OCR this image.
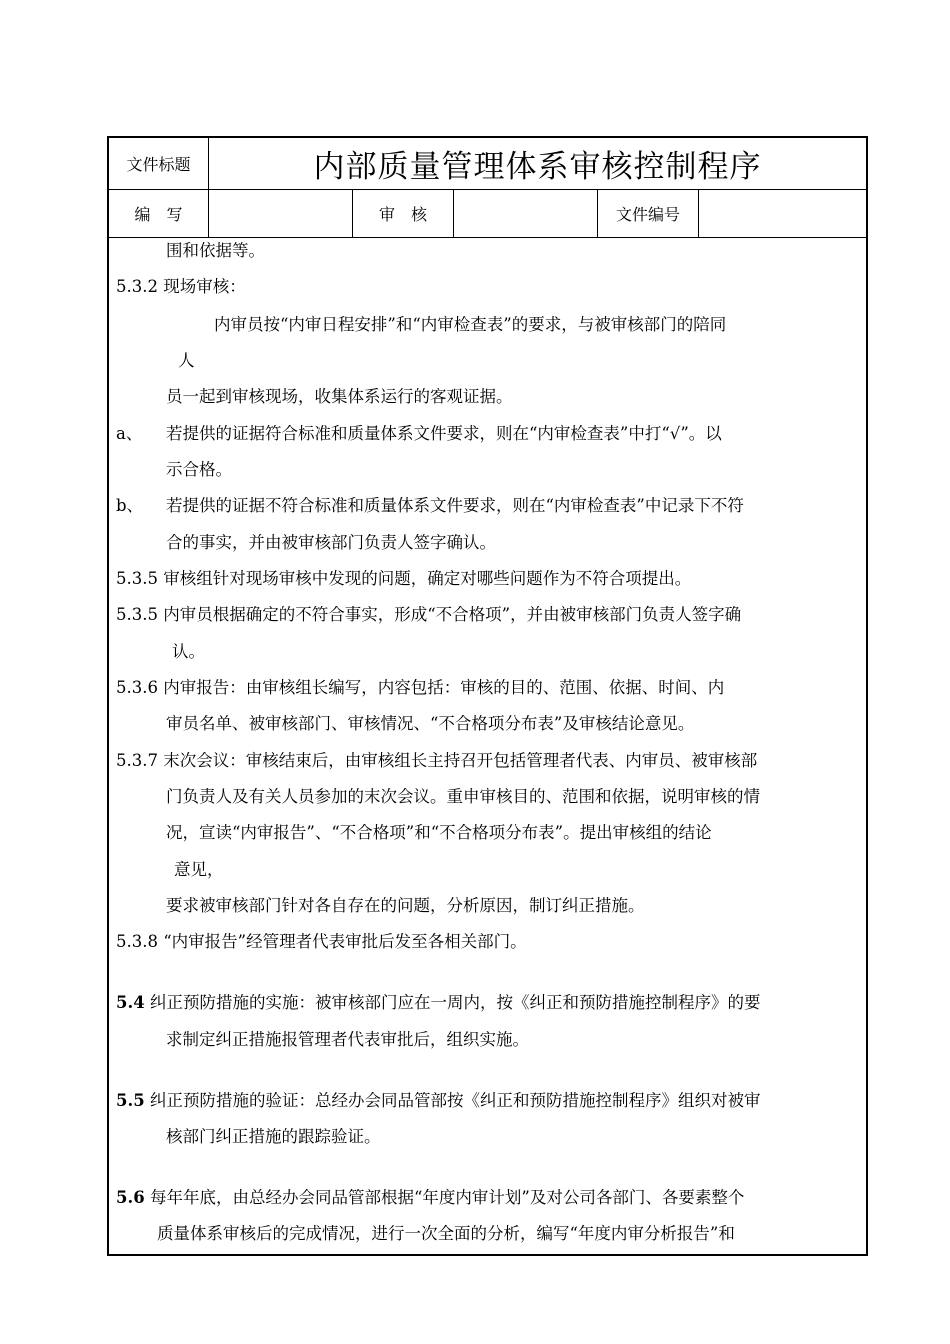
文件标题	内部质量管理体系审核控制程序
编　写	审　核	文件编号
围和依据等。
5.3.2 现场审核：
内审员按“内审日程安排”和“内审检查表”的要求，与被审核部门的陪同
人
员一起到审核现场，收集体系运行的客观证据。
a、 若提供的证据符合标准和质量体系文件要求，则在“内审检查表”中打“√”。以
示合格。
b、 若提供的证据不符合标准和质量体系文件要求，则在“内审检查表”中记录下不符
合的事实，并由被审核部门负责人签字确认。
5.3.5 审核组针对现场审核中发现的问题，确定对哪些问题作为不符合项提出。
5.3.5 内审员根据确定的不符合事实，形成“不合格项”，并由被审核部门负责人签字确
认。
5.3.6 内审报告：由审核组长编写，内容包括：审核的目的、范围、依据、时间、内
审员名单、被审核部门、审核情况、“不合格项分布表”及审核结论意见。
5.3.7 末次会议：审核结束后，由审核组长主持召开包括管理者代表、内审员、被审核部
门负责人及有关人员参加的末次会议。重申审核目的、范围和依据，说明审核的情
况，宣读“内审报告”、“不合格项”和“不合格项分布表”。提出审核组的结论
意见，
要求被审核部门针对各自存在的问题，分析原因，制订纠正措施。
5.3.8 “内审报告”经管理者代表审批后发至各相关部门。
5.4 纠正预防措施的实施：被审核部门应在一周内，按《纠正和预防措施控制程序》的要
求制定纠正措施报管理者代表审批后，组织实施。
5.5 纠正预防措施的验证：总经办会同品管部按《纠正和预防措施控制程序》组织对被审
核部门纠正措施的跟踪验证。
5.6 每年年底，由总经办会同品管部根据“年度内审计划”及对公司各部门、各要素整个
质量体系审核后的完成情况，进行一次全面的分析，编写“年度内审分析报告”和
